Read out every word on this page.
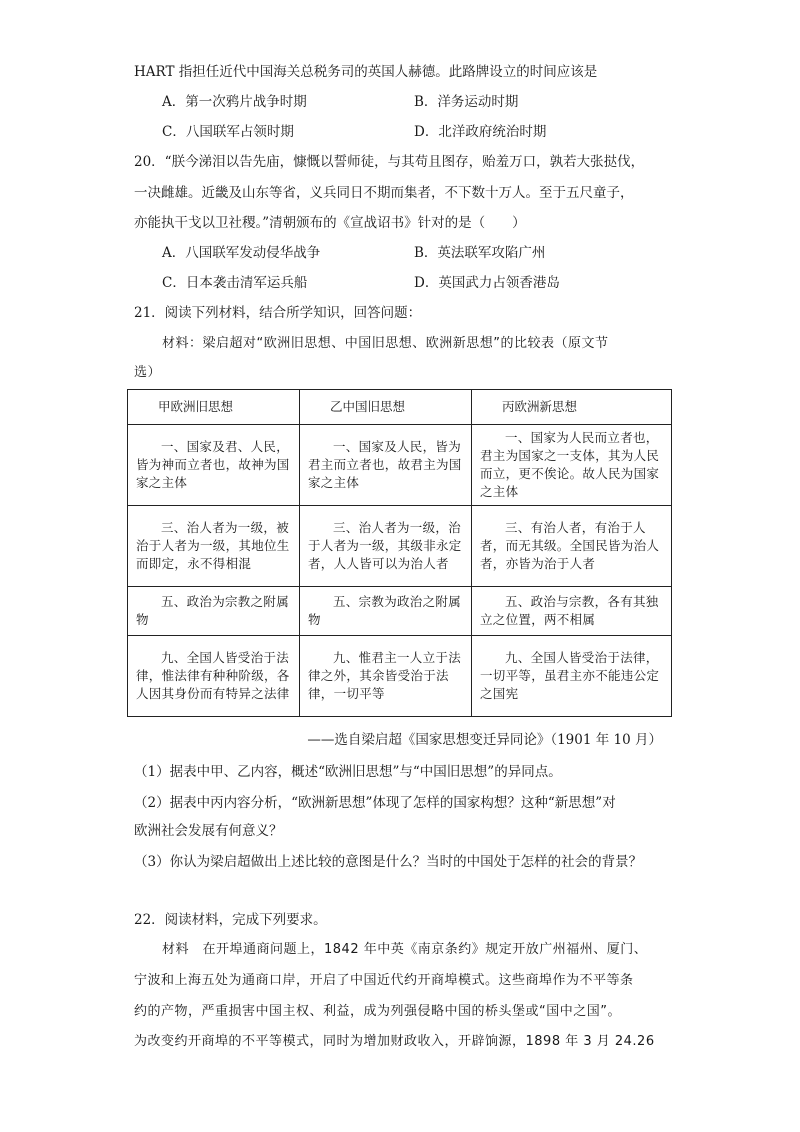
HART 指担任近代中国海关总税务司的英国人赫德。此路牌设立的时间应该是
A．第一次鸦片战争时期	B．洋务运动时期
C．八国联军占领时期	D．北洋政府统治时期
20．“朕今涕泪以告先庙，慷慨以誓师徒，与其苟且图存，贻羞万口，孰若大张挞伐，
一决雌雄。近畿及山东等省，义兵同日不期而集者，不下数十万人。至于五尺童子，
亦能执干戈以卫社稷。”清朝颁布的《宣战诏书》针对的是（　　）
A．八国联军发动侵华战争	B．英法联军攻陷广州
C．日本袭击清军运兵船	D．英国武力占领香港岛
21．阅读下列材料，结合所学知识，回答问题：
材料：梁启超对“欧洲旧思想、中国旧思想、欧洲新思想”的比较表（原文节
选）
甲欧洲旧思想	乙中国旧思想	丙欧洲新思想
一、国家及君、人民，皆为神而立者也，故神为国家之主体	一、国家及人民，皆为君主而立者也，故君主为国家之主体	一、国家为人民而立者也，君主为国家之一支体，其为人民而立，更不俟论。故人民为国家之主体
三、治人者为一级，被治于人者为一级，其地位生而即定，永不得相混	三、治人者为一级，治于人者为一级，其级非永定者，人人皆可以为治人者	三、有治人者，有治于人者，而无其级。全国民皆为治人者，亦皆为治于人者
五、政治为宗教之附属物	五、宗教为政治之附属物	五、政治与宗教，各有其独立之位置，两不相属
九、全国人皆受治于法律，惟法律有种种阶级，各人因其身份而有特异之法律	九、惟君主一人立于法律之外，其余皆受治于法律，一切平等	九、全国人皆受治于法律，一切平等，虽君主亦不能违公定之国宪
——选自梁启超《国家思想变迁异同论》（1901 年 10 月）
（1）据表中甲、乙内容，概述“欧洲旧思想”与“中国旧思想”的异同点。
（2）据表中丙内容分析，“欧洲新思想”体现了怎样的国家构想？这种“新思想”对
欧洲社会发展有何意义？
（3）你认为梁启超做出上述比较的意图是什么？当时的中国处于怎样的社会的背景？
22．阅读材料，完成下列要求。
材料　在开埠通商问题上，1842 年中英《南京条约》规定开放广州福州、厦门、
宁波和上海五处为通商口岸，开启了中国近代约开商埠模式。这些商埠作为不平等条
约的产物，严重损害中国主权、利益，成为列强侵略中国的桥头堡或“国中之国”。
为改变约开商埠的不平等模式，同时为增加财政收入，开辟饷源，1898 年 3 月 24.26
